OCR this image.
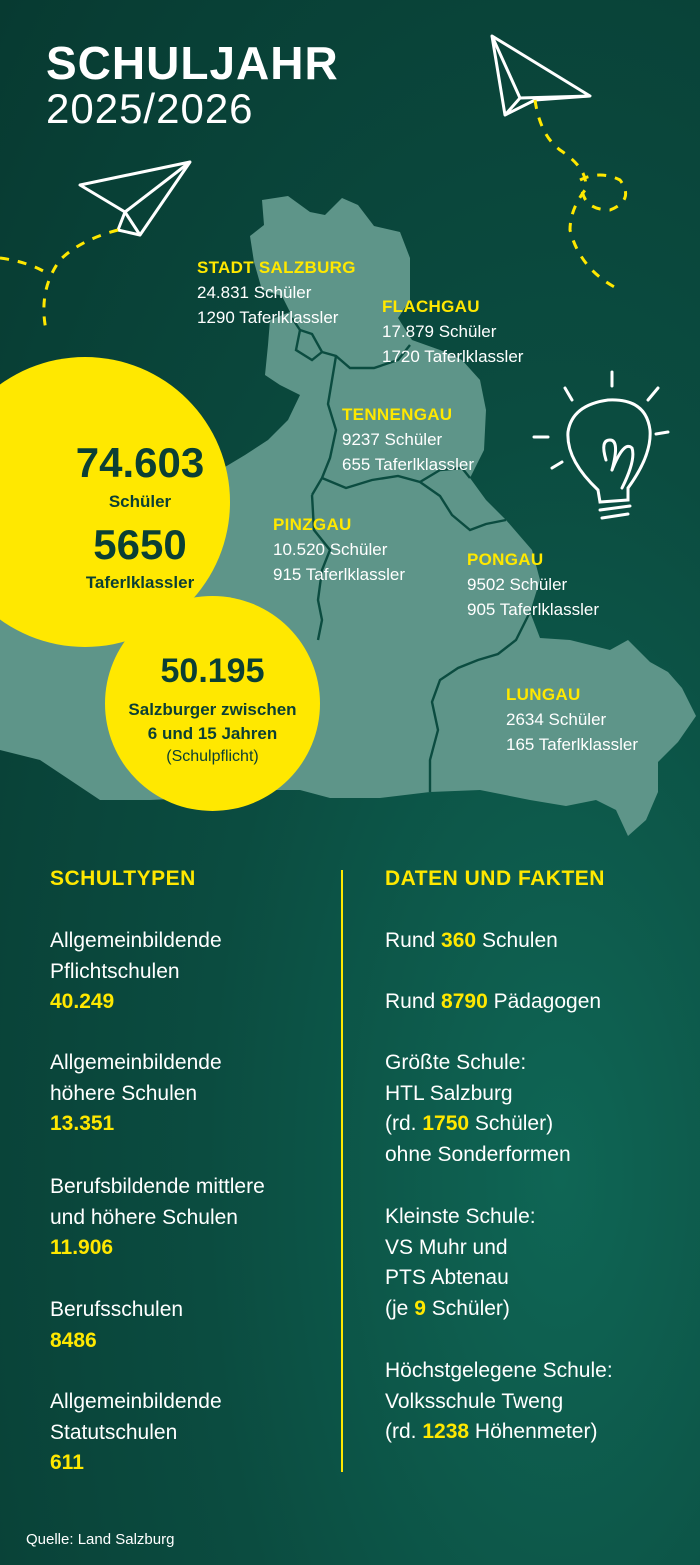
SCHULJAHR
2025/2026
STADT SALZBURG
24.831 Schüler
1290 Taferlklassler
FLACHGAU
17.879 Schüler
1720 Taferlklassler
TENNENGAU
9237 Schüler
655 Taferlklassler
PINZGAU
10.520 Schüler
915 Taferlklassler
PONGAU
9502 Schüler
905 Taferlklassler
LUNGAU
2634 Schüler
165 Taferlklassler
74.603
Schüler
5650
Taferlklassler
50.195
Salzburger zwischen
6 und 15 Jahren
(Schulpflicht)
SCHULTYPEN	DATEN UND FAKTEN
Allgemeinbildende
Pflichtschulen
40.249
Allgemeinbildende
höhere Schulen
13.351
Berufsbildende mittlere
und höhere Schulen
11.906
Berufsschulen
8486
Allgemeinbildende
Statutschulen
611
Rund 360 Schulen
Rund 8790 Pädagogen
Größte Schule:
HTL Salzburg
(rd. 1750 Schüler)
ohne Sonderformen
Kleinste Schule:
VS Muhr und
PTS Abtenau
(je 9 Schüler)
Höchstgelegene Schule:
Volksschule Tweng
(rd. 1238 Höhenmeter)
Quelle: Land Salzburg
